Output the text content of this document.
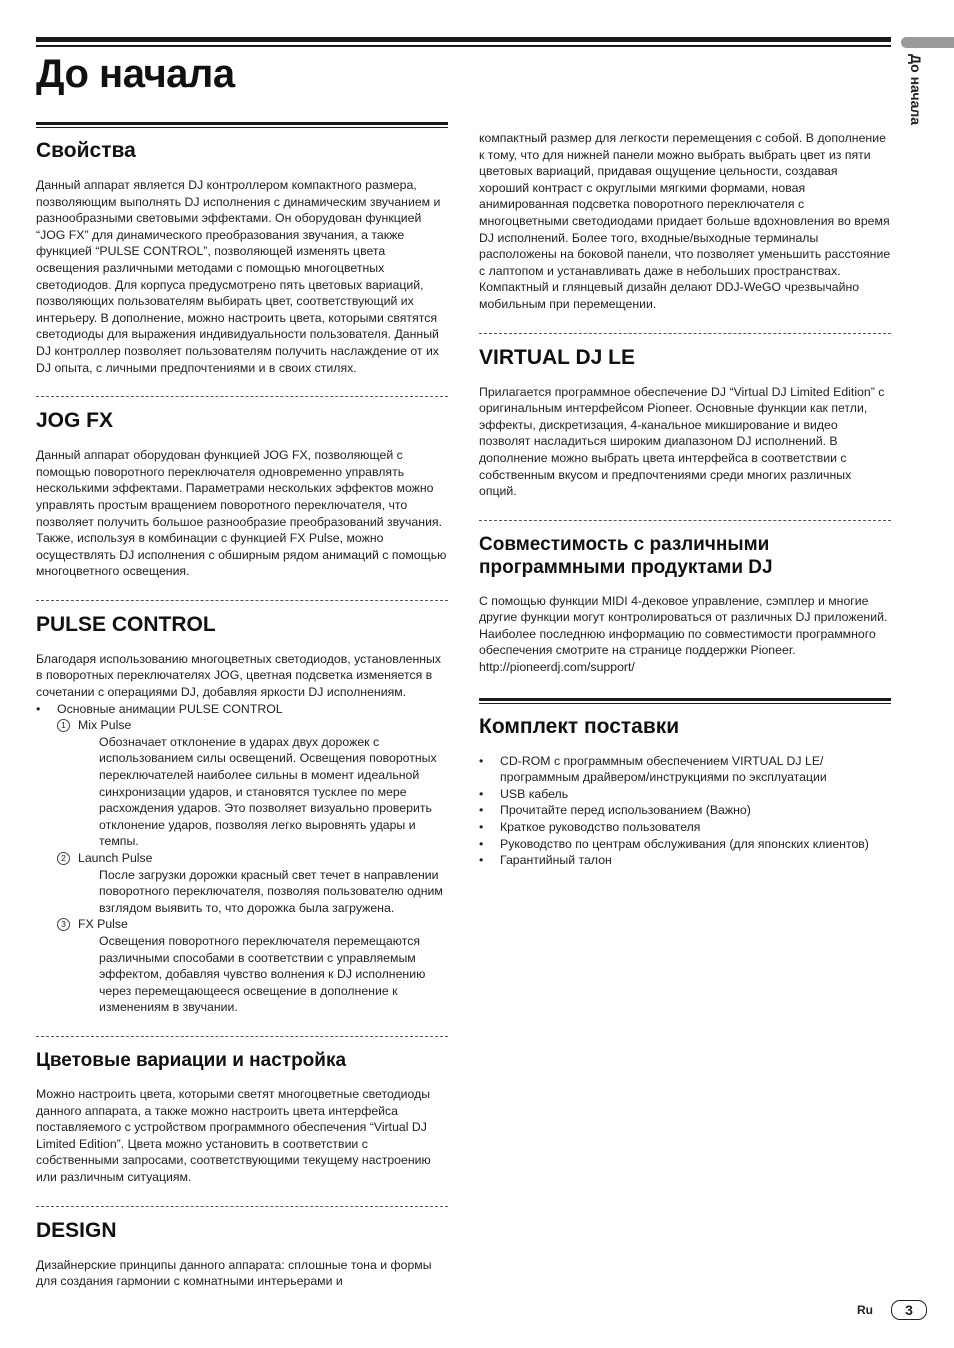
До начала
До начала
Свойства

Данный аппарат является DJ контроллером компактного размера, позволяющим выполнять DJ исполнения с динамическим звучанием и разнообразными световыми эффектами. Он оборудован функцией “JOG FX” для динамического преобразования звучания, а также функцией “PULSE CONTROL”, позволяющей изменять цвета освещения различными методами с помощью многоцветных светодиодов. Для корпуса предусмотрено пять цветовых вариаций, позволяющих пользователям выбирать цвет, соответствующий их интерьеру. В дополнение, можно настроить цвета, которыми святятся светодиоды для выражения индивидуальности пользователя. Данный DJ контроллер позволяет пользователям получить наслаждение от их DJ опыта, с личными предпочтениями и в своих стилях.

JOG FX

Данный аппарат оборудован функцией JOG FX, позволяющей с помощью поворотного переключателя одновременно управлять несколькими эффектами. Параметрами нескольких эффектов можно управлять простым вращением поворотного переключателя, что позволяет получить большое разнообразие преобразований звучания. Также, используя в комбинации с функцией FX Pulse, можно осуществлять DJ исполнения с обширным рядом анимаций с помощью многоцветного освещения.

PULSE CONTROL

Благодаря использованию многоцветных светодиодов, установленных в поворотных переключателях JOG, цветная подсветка изменяется в сочетании с операциями DJ, добавляя яркости DJ исполнениям.

• Основные анимации PULSE CONTROL
1 Mix Pulse
Обозначает отклонение в ударах двух дорожек с использованием силы освещений. Освещения поворотных переключателей наиболее сильны в момент идеальной синхронизации ударов, и становятся тусклее по мере расхождения ударов. Это позволяет визуально проверить отклонение ударов, позволяя легко выровнять удары и темпы.
2 Launch Pulse
После загрузки дорожки красный свет течет в направлении поворотного переключателя, позволяя пользователю одним взглядом выявить то, что дорожка была загружена.
3 FX Pulse
Освещения поворотного переключателя перемещаются различными способами в соответствии с управляемым эффектом, добавляя чувство волнения к DJ исполнению через перемещающееся освещение в дополнение к изменениям в звучании.
Цветовые вариации и настройка

Можно настроить цвета, которыми светят многоцветные светодиоды данного аппарата, а также можно настроить цвета интерфейса поставляемого с устройством программного обеспечения “Virtual DJ Limited Edition”. Цвета можно установить в соответствии с собственными запросами, соответствующими текущему настроению или различным ситуациям.

DESIGN

Дизайнерские принципы данного аппарата: сплошные тона и формы для создания гармонии с комнатными интерьерами и

компактный размер для легкости перемещения с собой. В дополнение к тому, что для нижней панели можно выбрать выбрать цвет из пяти цветовых вариаций, придавая ощущение цельности, создавая хороший контраст с округлыми мягкими формами, новая анимированная подсветка поворотного переключателя с многоцветными светодиодами придает больше вдохновления во время DJ исполнений. Более того, входные/выходные терминалы расположены на боковой панели, что позволяет уменьшить расстояние с лаптопом и устанавливать даже в небольших пространствах. Компактный и глянцевый дизайн делают DDJ-WeGO чрезвычайно мобильным при перемещении.

VIRTUAL DJ LE

Прилагается программное обеспечение DJ “Virtual DJ Limited Edition” с оригинальным интерфейсом Pioneer. Основные функции как петли, эффекты, дискретизация, 4-канальное микширование и видео позволят насладиться широким диапазоном DJ исполнений. В дополнение можно выбрать цвета интерфейса в соответствии с собственным вкусом и предпочтениями среди многих различных опций.

Совместимость с различными программными продуктами DJ

С помощью функции MIDI 4-дековое управление, сэмплер и многие другие функции могут контролироваться от различных DJ приложений. Наиболее последнюю информацию по совместимости программного обеспечения смотрите на странице поддержки Pioneer. http://pioneerdj.com/support/

Комплект поставки
• CD-ROM с программным обеспечением VIRTUAL DJ LE/программным драйвером/инструкциями по эксплуатации
• USB кабель
• Прочитайте перед использованием (Важно)
• Краткое руководство пользователя
• Руководство по центрам обслуживания (для японских клиентов)
• Гарантийный талон
Ru	3
